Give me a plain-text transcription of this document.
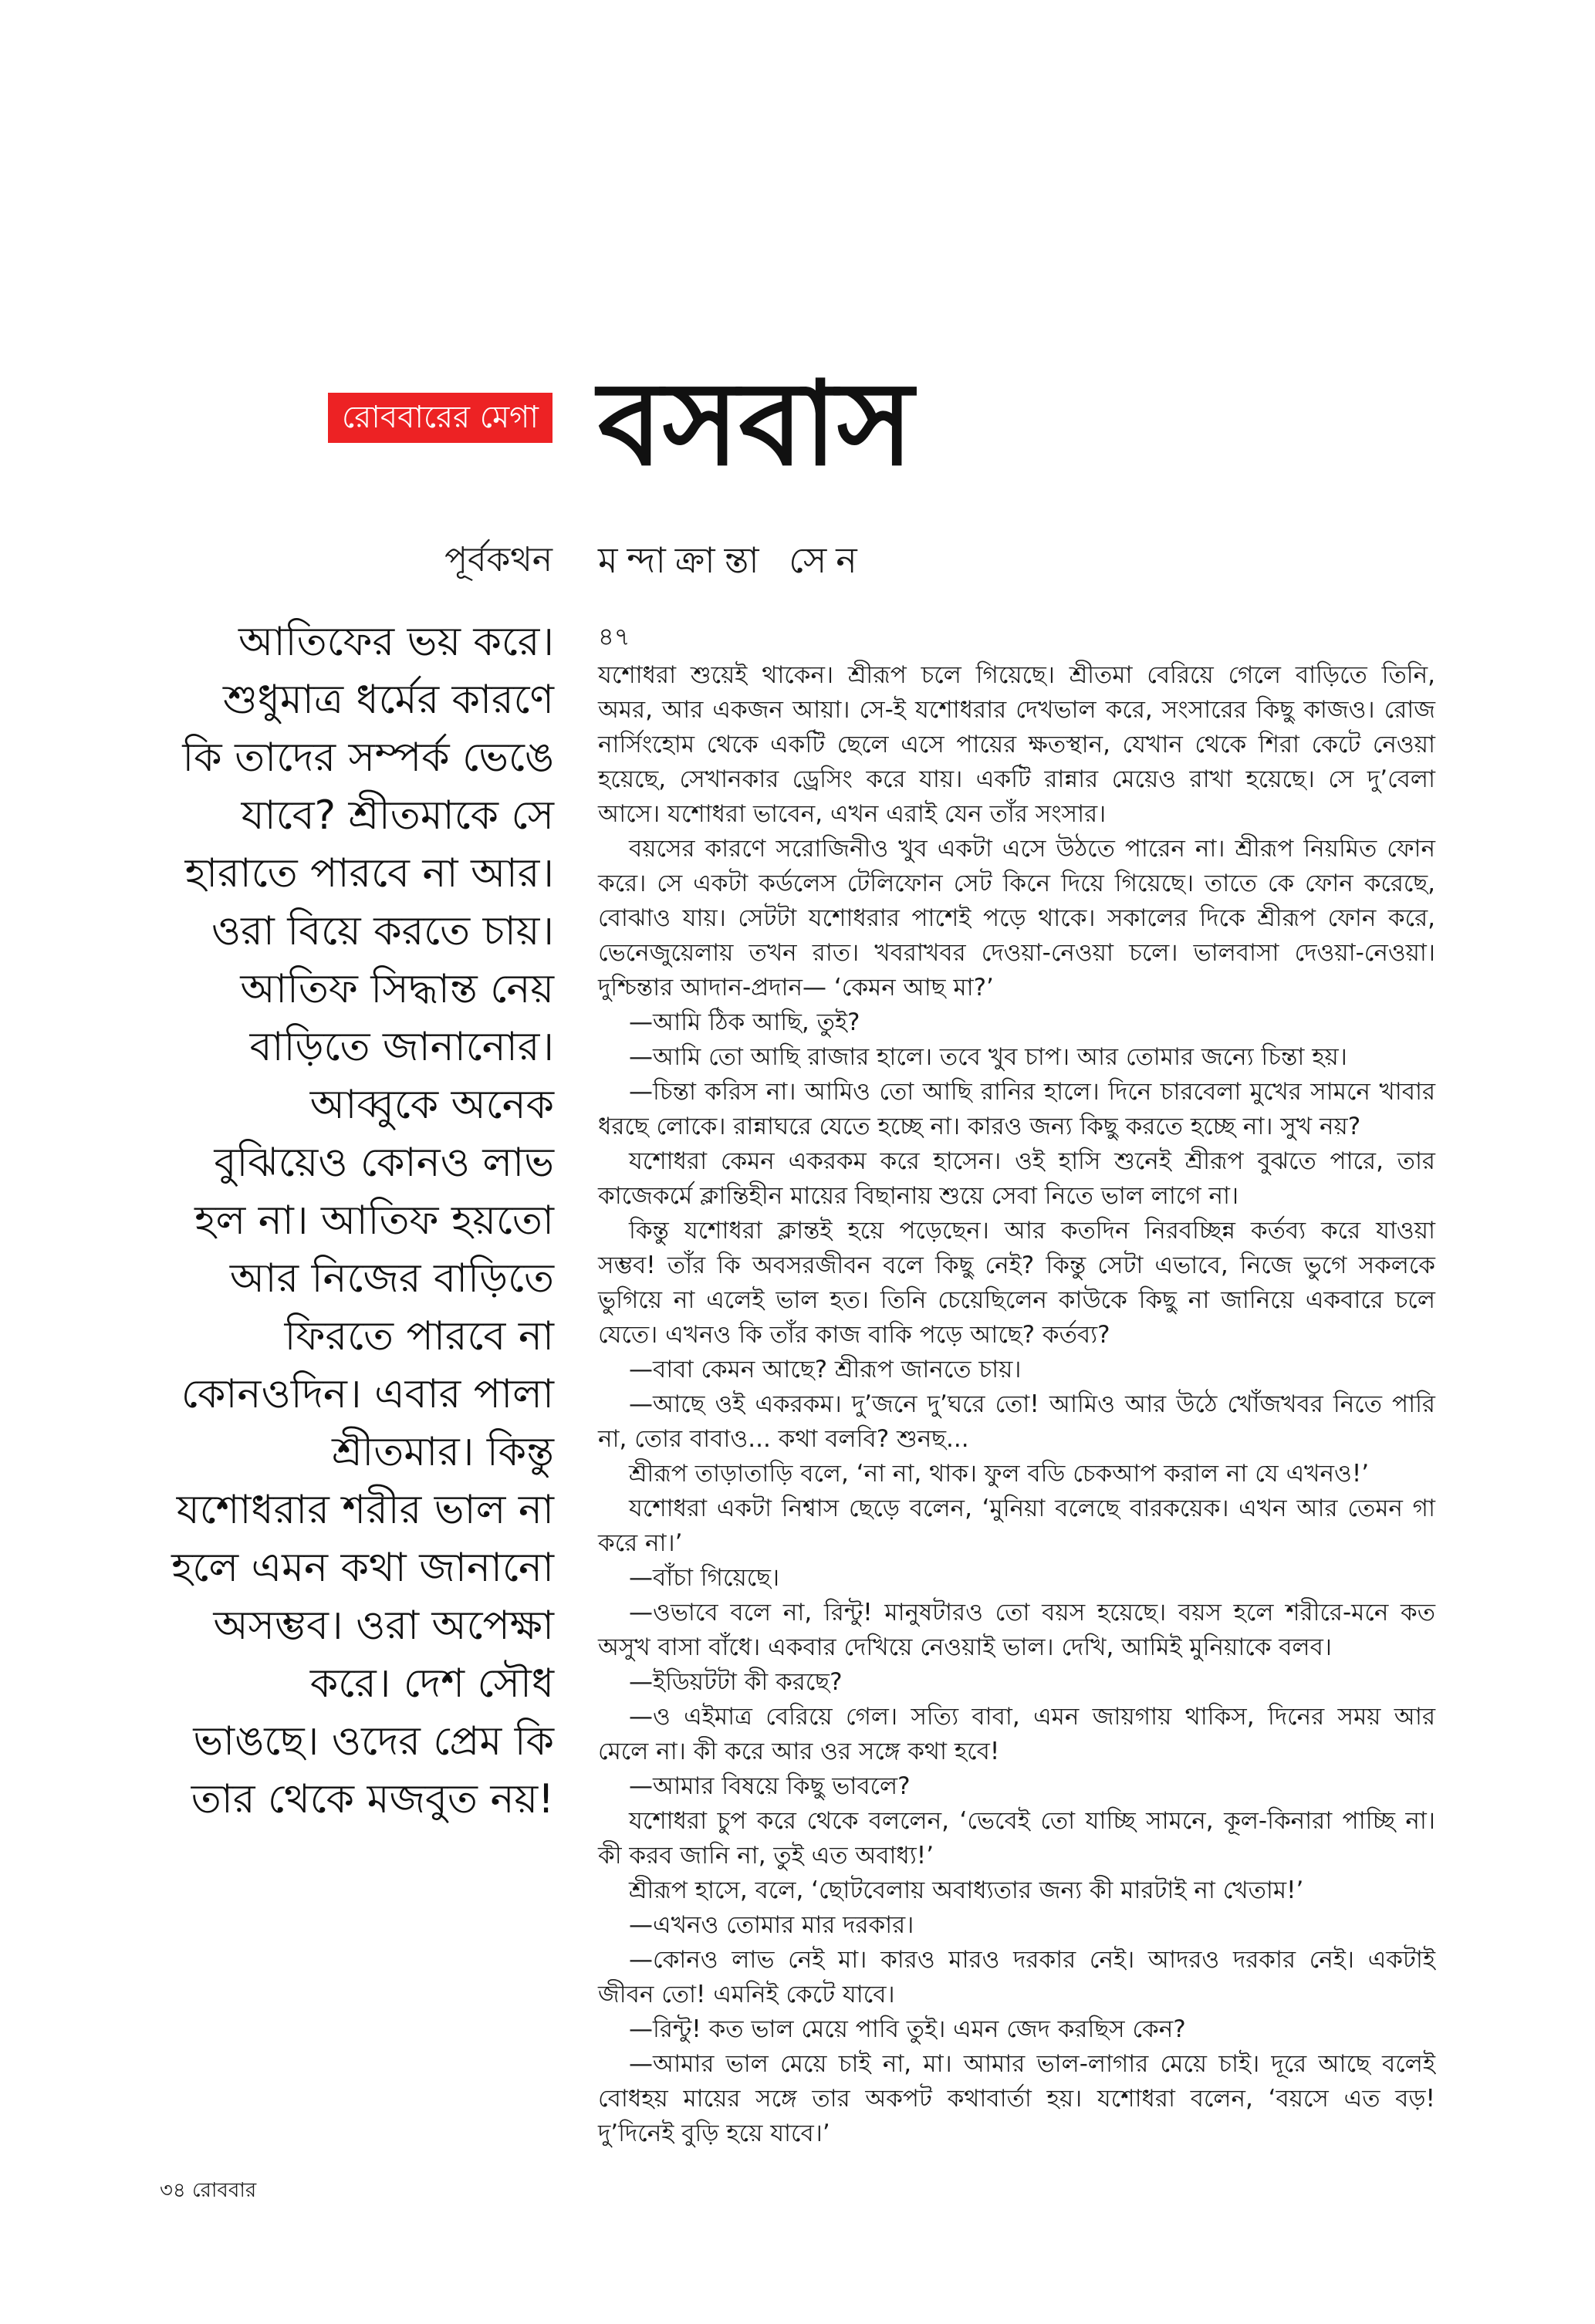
রোববারের মেগা বসবাস
পূর্বকথন মন্দাক্রান্তা সেন
আতিফের ভয় করে।
শুধুমাত্র ধর্মের কারণে
কি তাদের সম্পর্ক ভেঙে
যাবে? শ্রীতমাকে সে
হারাতে পারবে না আর।
ওরা বিয়ে করতে চায়।
আতিফ সিদ্ধান্ত নেয়
বাড়িতে জানানোর।
আব্বুকে অনেক
বুঝিয়েও কোনও লাভ
হল না। আতিফ হয়তো
আর নিজের বাড়িতে
ফিরতে পারবে না
কোনওদিন। এবার পালা
শ্রীতমার। কিন্তু
যশোধরার শরীর ভাল না
হলে এমন কথা জানানো
অসম্ভব। ওরা অপেক্ষা
করে। দেশ সৌধ
ভাঙছে। ওদের প্রেম কি
তার থেকে মজবুত নয়!
৪৭
যশোধরা শুয়েই থাকেন। শ্রীরূপ চলে গিয়েছে। শ্রীতমা বেরিয়ে গেলে বাড়িতে তিনি,
অমর, আর একজন আয়া। সে-ই যশোধরার দেখভাল করে, সংসারের কিছু কাজও। রোজ
নার্সিংহোম থেকে একটি ছেলে এসে পায়ের ক্ষতস্থান, যেখান থেকে শিরা কেটে নেওয়া
হয়েছে, সেখানকার ড্রেসিং করে যায়। একটি রান্নার মেয়েও রাখা হয়েছে। সে দু’বেলা
আসে। যশোধরা ভাবেন, এখন এরাই যেন তাঁর সংসার।
বয়সের কারণে সরোজিনীও খুব একটা এসে উঠতে পারেন না। শ্রীরূপ নিয়মিত ফোন
করে। সে একটা কর্ডলেস টেলিফোন সেট কিনে দিয়ে গিয়েছে। তাতে কে ফোন করেছে,
বোঝাও যায়। সেটটা যশোধরার পাশেই পড়ে থাকে। সকালের দিকে শ্রীরূপ ফোন করে,
ভেনেজুয়েলায় তখন রাত। খবরাখবর দেওয়া-নেওয়া চলে। ভালবাসা দেওয়া-নেওয়া।
দুশ্চিন্তার আদান-প্রদান— ‘কেমন আছ মা?’
—আমি ঠিক আছি, তুই?
—আমি তো আছি রাজার হালে। তবে খুব চাপ। আর তোমার জন্যে চিন্তা হয়।
—চিন্তা করিস না। আমিও তো আছি রানির হালে। দিনে চারবেলা মুখের সামনে খাবার
ধরছে লোকে। রান্নাঘরে যেতে হচ্ছে না। কারও জন্য কিছু করতে হচ্ছে না। সুখ নয়?
যশোধরা কেমন একরকম করে হাসেন। ওই হাসি শুনেই শ্রীরূপ বুঝতে পারে, তার
কাজেকর্মে ক্লান্তিহীন মায়ের বিছানায় শুয়ে সেবা নিতে ভাল লাগে না।
কিন্তু যশোধরা ক্লান্তই হয়ে পড়েছেন। আর কতদিন নিরবচ্ছিন্ন কর্তব্য করে যাওয়া
সম্ভব! তাঁর কি অবসরজীবন বলে কিছু নেই? কিন্তু সেটা এভাবে, নিজে ভুগে সকলকে
ভুগিয়ে না এলেই ভাল হত। তিনি চেয়েছিলেন কাউকে কিছু না জানিয়ে একবারে চলে
যেতে। এখনও কি তাঁর কাজ বাকি পড়ে আছে? কর্তব্য?
—বাবা কেমন আছে? শ্রীরূপ জানতে চায়।
—আছে ওই একরকম। দু’জনে দু’ঘরে তো! আমিও আর উঠে খোঁজখবর নিতে পারি
না, তোর বাবাও... কথা বলবি? শুনছ...
শ্রীরূপ তাড়াতাড়ি বলে, ‘না না, থাক। ফুল বডি চেকআপ করাল না যে এখনও!’
যশোধরা একটা নিশ্বাস ছেড়ে বলেন, ‘মুনিয়া বলেছে বারকয়েক। এখন আর তেমন গা
করে না।’
—বাঁচা গিয়েছে।
—ওভাবে বলে না, রিন্টু! মানুষটারও তো বয়স হয়েছে। বয়স হলে শরীরে-মনে কত
অসুখ বাসা বাঁধে। একবার দেখিয়ে নেওয়াই ভাল। দেখি, আমিই মুনিয়াকে বলব।
—ইডিয়টটা কী করছে?
—ও এইমাত্র বেরিয়ে গেল। সত্যি বাবা, এমন জায়গায় থাকিস, দিনের সময় আর
মেলে না। কী করে আর ওর সঙ্গে কথা হবে!
—আমার বিষয়ে কিছু ভাবলে?
যশোধরা চুপ করে থেকে বললেন, ‘ভেবেই তো যাচ্ছি সামনে, কূল-কিনারা পাচ্ছি না।
কী করব জানি না, তুই এত অবাধ্য!’
শ্রীরূপ হাসে, বলে, ‘ছোটবেলায় অবাধ্যতার জন্য কী মারটাই না খেতাম!’
—এখনও তোমার মার দরকার।
—কোনও লাভ নেই মা। কারও মারও দরকার নেই। আদরও দরকার নেই। একটাই
জীবন তো! এমনিই কেটে যাবে।
—রিন্টু! কত ভাল মেয়ে পাবি তুই। এমন জেদ করছিস কেন?
—আমার ভাল মেয়ে চাই না, মা। আমার ভাল-লাগার মেয়ে চাই। দূরে আছে বলেই
বোধহয় মায়ের সঙ্গে তার অকপট কথাবার্তা হয়। যশোধরা বলেন, ‘বয়সে এত বড়!
দু’দিনেই বুড়ি হয়ে যাবে।’
৩৪ রোববার
